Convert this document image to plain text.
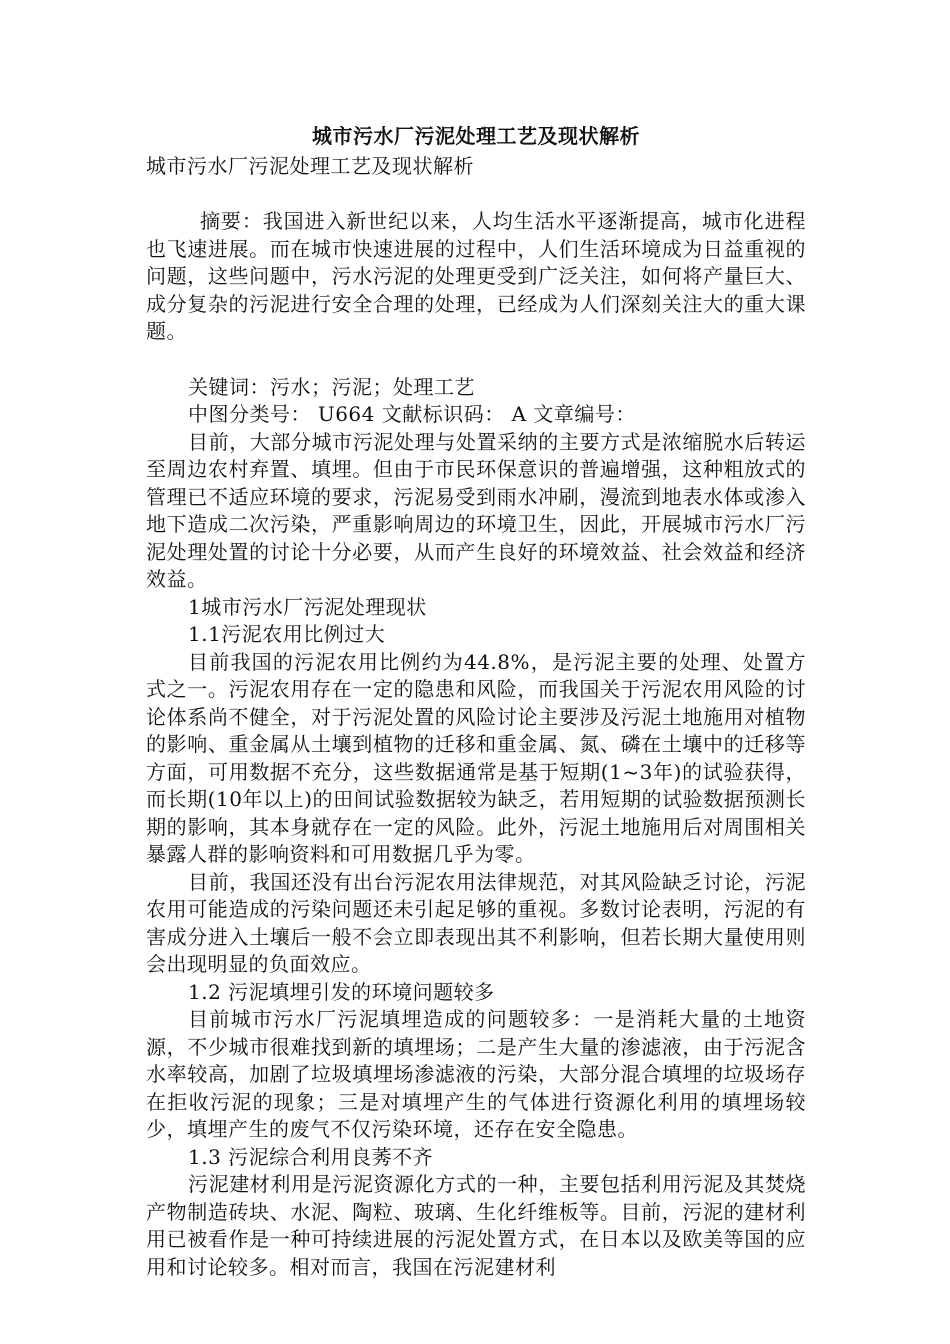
城市污水厂污泥处理工艺及现状解析

城市污水厂污泥处理工艺及现状解析

摘要：我国进入新世纪以来，人均生活水平逐渐提高，城市化进程也飞速进展。而在城市快速进展的过程中，人们生活环境成为日益重视的问题，这些问题中，污水污泥的处理更受到广泛关注，如何将产量巨大、成分复杂的污泥进行安全合理的处理，已经成为人们深刻关注大的重大课题。

关键词：污水；污泥；处理工艺

中图分类号： U664 文献标识码： A 文章编号：

目前，大部分城市污泥处理与处置采纳的主要方式是浓缩脱水后转运至周边农村弃置、填埋。但由于市民环保意识的普遍增强，这种粗放式的管理已不适应环境的要求，污泥易受到雨水冲刷，漫流到地表水体或渗入地下造成二次污染，严重影响周边的环境卫生，因此，开展城市污水厂污泥处理处置的讨论十分必要，从而产生良好的环境效益、社会效益和经济效益。

1城市污水厂污泥处理现状

1.1污泥农用比例过大

目前我国的污泥农用比例约为44.8%，是污泥主要的处理、处置方式之一。污泥农用存在一定的隐患和风险，而我国关于污泥农用风险的讨论体系尚不健全，对于污泥处置的风险讨论主要涉及污泥土地施用对植物的影响、重金属从土壤到植物的迁移和重金属、氮、磷在土壤中的迁移等方面，可用数据不充分，这些数据通常是基于短期(1~3年)的试验获得，而长期(10年以上)的田间试验数据较为缺乏，若用短期的试验数据预测长期的影响，其本身就存在一定的风险。此外，污泥土地施用后对周围相关暴露人群的影响资料和可用数据几乎为零。

目前，我国还没有出台污泥农用法律规范，对其风险缺乏讨论，污泥农用可能造成的污染问题还未引起足够的重视。多数讨论表明，污泥的有害成分进入土壤后一般不会立即表现出其不利影响，但若长期大量使用则会出现明显的负面效应。

1.2 污泥填埋引发的环境问题较多

目前城市污水厂污泥填埋造成的问题较多：一是消耗大量的土地资源，不少城市很难找到新的填埋场；二是产生大量的渗滤液，由于污泥含水率较高，加剧了垃圾填埋场渗滤液的污染，大部分混合填埋的垃圾场存在拒收污泥的现象；三是对填埋产生的气体进行资源化利用的填埋场较少，填埋产生的废气不仅污染环境，还存在安全隐患。

1.3 污泥综合利用良莠不齐

污泥建材利用是污泥资源化方式的一种，主要包括利用污泥及其焚烧产物制造砖块、水泥、陶粒、玻璃、生化纤维板等。目前，污泥的建材利用已被看作是一种可持续进展的污泥处置方式，在日本以及欧美等国的应用和讨论较多。相对而言，我国在污泥建材利
